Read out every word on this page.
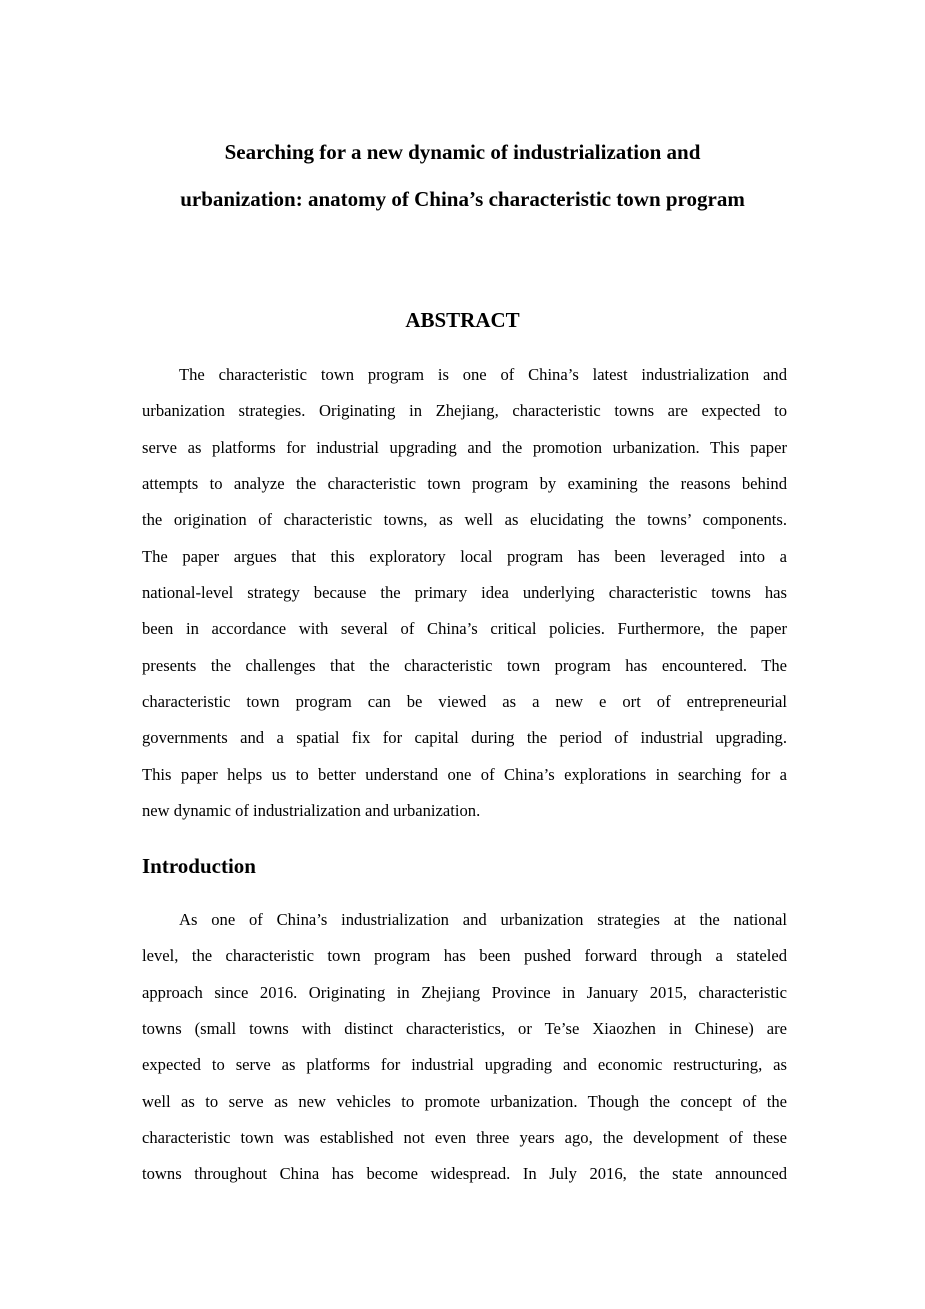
Searching for a new dynamic of industrialization and
urbanization: anatomy of China’s characteristic town program
ABSTRACT
The characteristic town program is one of China’s latest industrialization and
urbanization strategies. Originating in Zhejiang, characteristic towns are expected to
serve as platforms for industrial upgrading and the promotion urbanization. This paper
attempts to analyze the characteristic town program by examining the reasons behind
the origination of characteristic towns, as well as elucidating the towns’ components.
The paper argues that this exploratory local program has been leveraged into a
national-level strategy because the primary idea underlying characteristic towns has
been in accordance with several of China’s critical policies. Furthermore, the paper
presents the challenges that the characteristic town program has encountered. The
characteristic town program can be viewed as a new e ort of entrepreneurial
governments and a spatial fix for capital during the period of industrial upgrading.
This paper helps us to better understand one of China’s explorations in searching for a
new dynamic of industrialization and urbanization.
Introduction
As one of China’s industrialization and urbanization strategies at the national
level, the characteristic town program has been pushed forward through a stateled
approach since 2016. Originating in Zhejiang Province in January 2015, characteristic
towns (small towns with distinct characteristics, or Te’se Xiaozhen in Chinese) are
expected to serve as platforms for industrial upgrading and economic restructuring, as
well as to serve as new vehicles to promote urbanization. Though the concept of the
characteristic town was established not even three years ago, the development of these
towns throughout China has become widespread. In July 2016, the state announced
